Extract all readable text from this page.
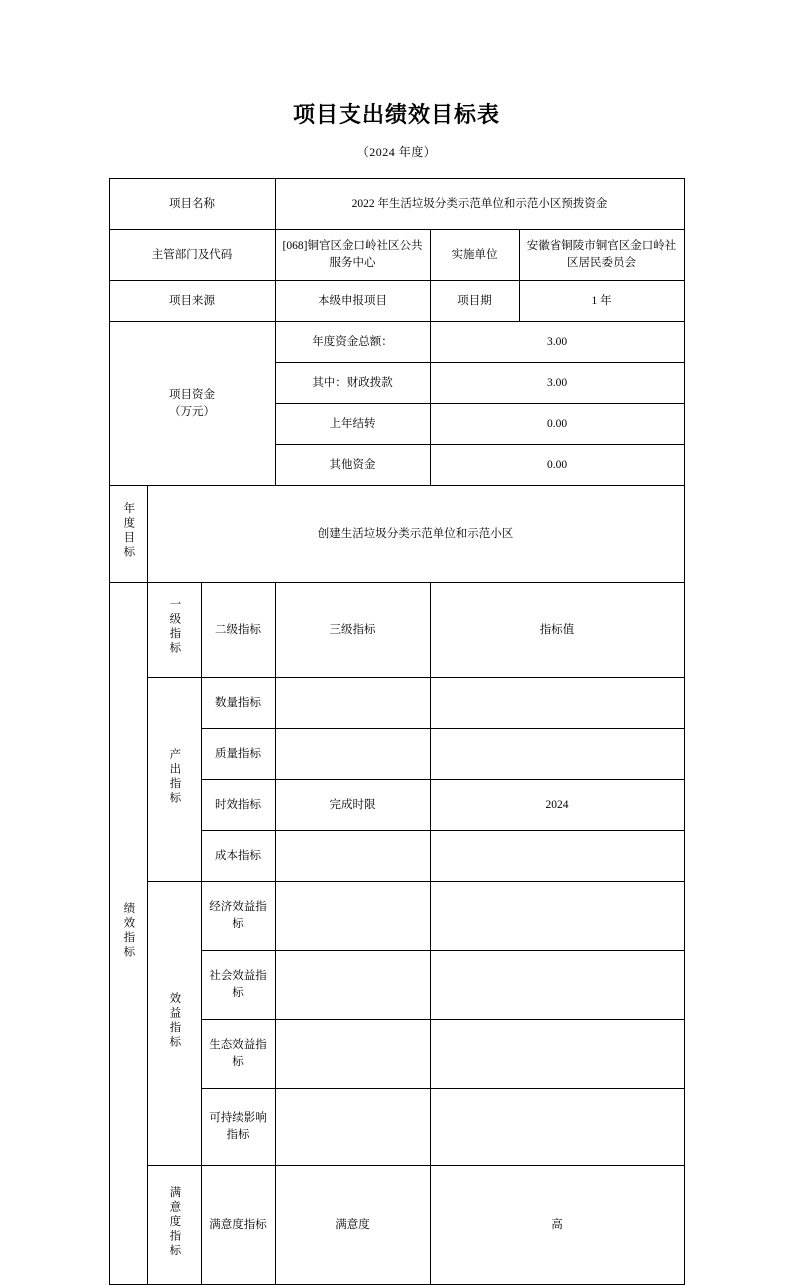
项目支出绩效目标表
（2024 年度）
项目名称			2022 年生活垃圾分类示范单位和示范小区预拨资金		
主管部门及代码			[068]铜官区金口岭社区公共服务中心	实施单位	安徽省铜陵市铜官区金口岭社区居民委员会
项目来源			本级申报项目	项目期	1 年

项目资金
（万元）			年度资金总额：	3.00	
			其中：财政拨款	3.00	
			上年结转	0.00	
			其他资金	0.00	
年度目标	创建生活垃圾分类示范单位和示范小区				
绩效指标	一级指标	二级指标	三级指标	指标值	
	产出指标	数量指标			
		质量指标			
		时效指标	完成时限	2024	
		成本指标			
	效益指标	经济效益指标			
		社会效益指标			
		生态效益指标			
		可持续影响指标			
	满意度指标	满意度指标	满意度	高	
